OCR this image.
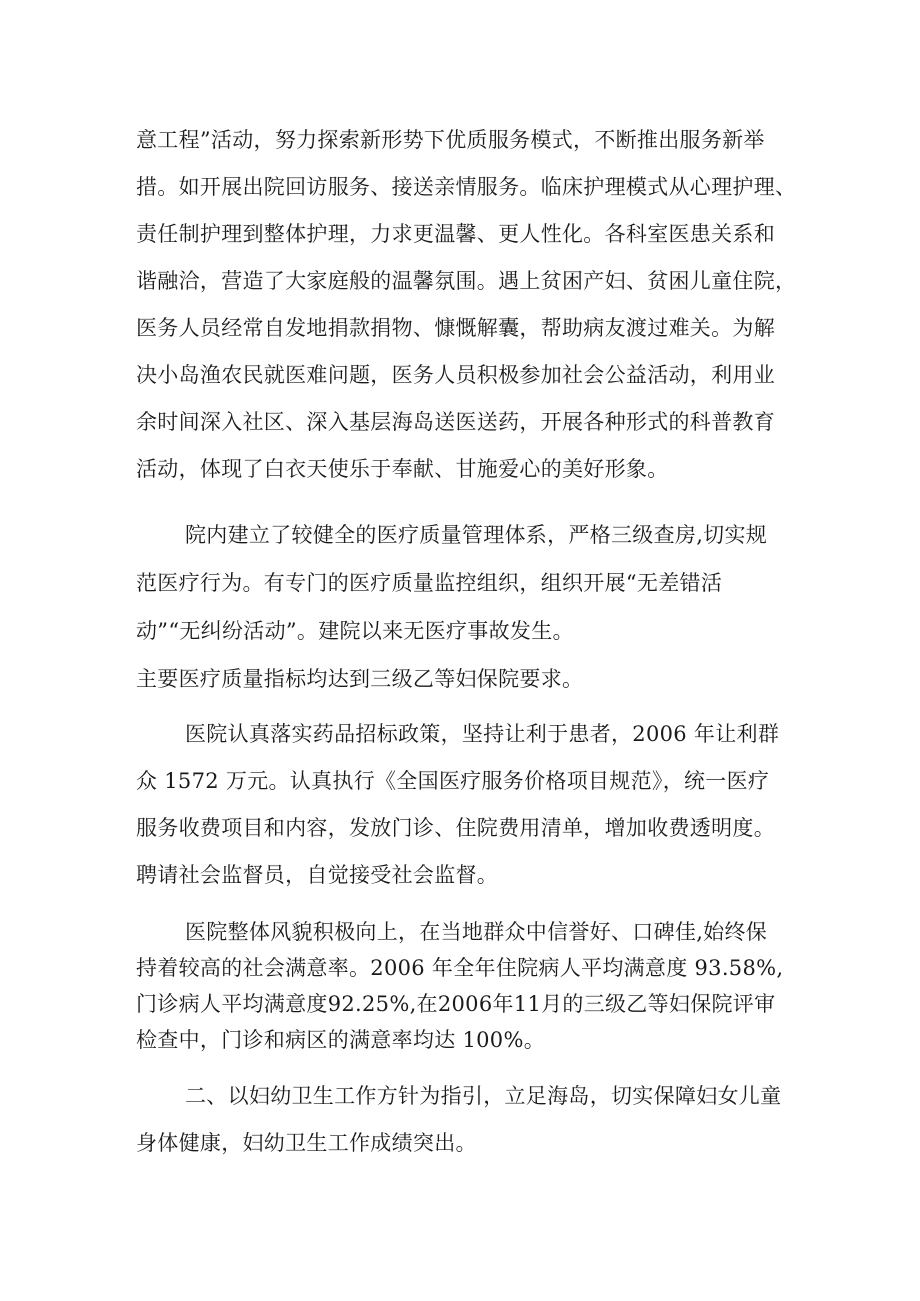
意工程”活动，努力探索新形势下优质服务模式，不断推出服务新举
措。如开展出院回访服务、接送亲情服务。临床护理模式从心理护理、
责任制护理到整体护理，力求更温馨、更人性化。各科室医患关系和
谐融洽，营造了大家庭般的温馨氛围。遇上贫困产妇、贫困儿童住院，
医务人员经常自发地捐款捐物、慷慨解囊，帮助病友渡过难关。为解
决小岛渔农民就医难问题，医务人员积极参加社会公益活动，利用业
余时间深入社区、深入基层海岛送医送药，开展各种形式的科普教育
活动，体现了白衣天使乐于奉献、甘施爱心的美好形象。
院内建立了较健全的医疗质量管理体系，严格三级查房,切实规
范医疗行为。有专门的医疗质量监控组织，组织开展“无差错活
动”“无纠纷活动”。建院以来无医疗事故发生。
主要医疗质量指标均达到三级乙等妇保院要求。
医院认真落实药品招标政策，坚持让利于患者，2006 年让利群
众 1572 万元。认真执行《全国医疗服务价格项目规范》，统一医疗
服务收费项目和内容，发放门诊、住院费用清单，增加收费透明度。
聘请社会监督员，自觉接受社会监督。
医院整体风貌积极向上，在当地群众中信誉好、口碑佳,始终保
持着较高的社会满意率。2006 年全年住院病人平均满意度 93.58%,
门诊病人平均满意度92.25%,在2006年11月的三级乙等妇保院评审
检查中，门诊和病区的满意率均达 100%。
二、以妇幼卫生工作方针为指引，立足海岛，切实保障妇女儿童
身体健康，妇幼卫生工作成绩突出。
